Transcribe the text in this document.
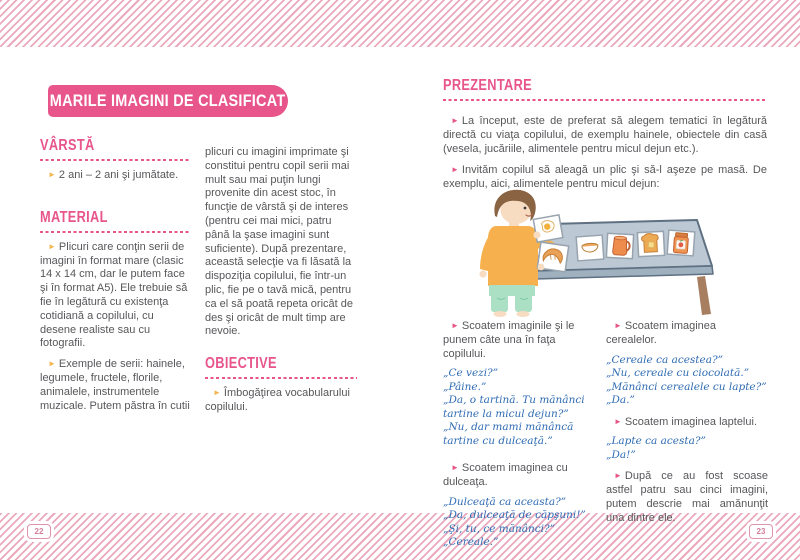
22	23
MARILE IMAGINI DE CLASIFICAT
VÂRSTĂ

► 2 ani – 2 ani şi jumătate.

MATERIAL

► Plicuri care conţin serii de imagini în format mare (clasic 14 x 14 cm, dar le putem face şi în format A5). Ele trebuie să fie în legătură cu existenţa cotidiană a copilului, cu desene realiste sau cu fotografii.

► Exemple de serii: hainele, legumele, fructele, florile, animalele, instrumentele muzicale. Putem păstra în cutii

plicuri cu imagini imprimate şi constitui pentru copil serii mai mult sau mai puţin lungi provenite din acest stoc, în funcţie de vârstă şi de interes (pentru cei mai mici, patru până la şase imagini sunt suficiente). După prezentare, această selecţie va fi lăsată la dispoziţia copilului, fie într-un plic, fie pe o tavă mică, pentru ca el să poată repeta oricât de des şi oricât de mult timp are nevoie.

OBIECTIVE

► Îmbogăţirea vocabularului copilului.

PREZENTARE

► La început, este de preferat să alegem tematici în legătură directă cu viaţa copilului, de exemplu hainele, obiectele din casă (vesela, jucăriile, alimentele pentru micul dejun etc.).

► Invităm copilul să aleagă un plic şi să-l aşeze pe masă. De exemplu, aici, alimentele pentru micul dejun:

► Scoatem imaginile şi le punem câte una în faţa copilului.

„Ce vezi?”

„Pâine.”

„Da, o tartină. Tu mănânci tartine la micul dejun?”

„Nu, dar mami mănâncă tartine cu dulceaţă.”

► Scoatem imaginea cu dulceaţa.

„Dulceaţă ca aceasta?”

„Da, dulceaţă de căpşuni!”

„Şi, tu, ce mănânci?”

„Cereale.”

► Scoatem imaginea cerealelor.

„Cereale ca acestea?”

„Nu, cereale cu ciocolată.”

„Mănânci cerealele cu lapte?”

„Da.”

► Scoatem imaginea laptelui.

„Lapte ca acesta?”

„Da!”

► După ce au fost scoase astfel patru sau cinci imagini, putem descrie mai amănunţit una dintre ele.
